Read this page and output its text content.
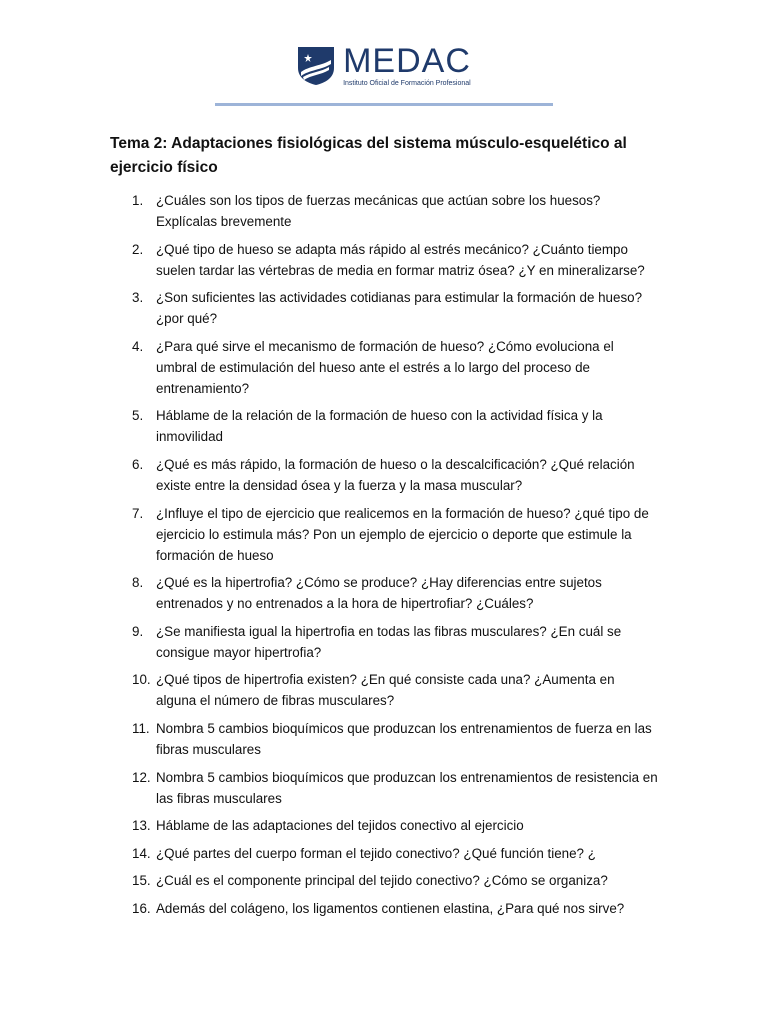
MEDAC
Instituto Oficial de Formación Profesional
Tema 2: Adaptaciones fisiológicas del sistema músculo-esquelético al ejercicio físico
1. ¿Cuáles son los tipos de fuerzas mecánicas que actúan sobre los huesos? Explícalas brevemente
2. ¿Qué tipo de hueso se adapta más rápido al estrés mecánico? ¿Cuánto tiempo suelen tardar las vértebras de media en formar matriz ósea? ¿Y en mineralizarse?
3. ¿Son suficientes las actividades cotidianas para estimular la formación de hueso? ¿por qué?
4. ¿Para qué sirve el mecanismo de formación de hueso? ¿Cómo evoluciona el umbral de estimulación del hueso ante el estrés a lo largo del proceso de entrenamiento?
5. Háblame de la relación de la formación de hueso con la actividad física y la inmovilidad
6. ¿Qué es más rápido, la formación de hueso o la descalcificación? ¿Qué relación existe entre la densidad ósea y la fuerza y la masa muscular?
7. ¿Influye el tipo de ejercicio que realicemos en la formación de hueso? ¿qué tipo de ejercicio lo estimula más? Pon un ejemplo de ejercicio o deporte que estimule la formación de hueso
8. ¿Qué es la hipertrofia? ¿Cómo se produce? ¿Hay diferencias entre sujetos entrenados y no entrenados a la hora de hipertrofiar? ¿Cuáles?
9. ¿Se manifiesta igual la hipertrofia en todas las fibras musculares? ¿En cuál se consigue mayor hipertrofia?
10. ¿Qué tipos de hipertrofia existen? ¿En qué consiste cada una? ¿Aumenta en alguna el número de fibras musculares?
11. Nombra 5 cambios bioquímicos que produzcan los entrenamientos de fuerza en las fibras musculares
12. Nombra 5 cambios bioquímicos que produzcan los entrenamientos de resistencia en las fibras musculares
13. Háblame de las adaptaciones del tejidos conectivo al ejercicio
14. ¿Qué partes del cuerpo forman el tejido conectivo? ¿Qué función tiene? ¿
15. ¿Cuál es el componente principal del tejido conectivo? ¿Cómo se organiza?
16. Además del colágeno, los ligamentos contienen elastina, ¿Para qué nos sirve?
